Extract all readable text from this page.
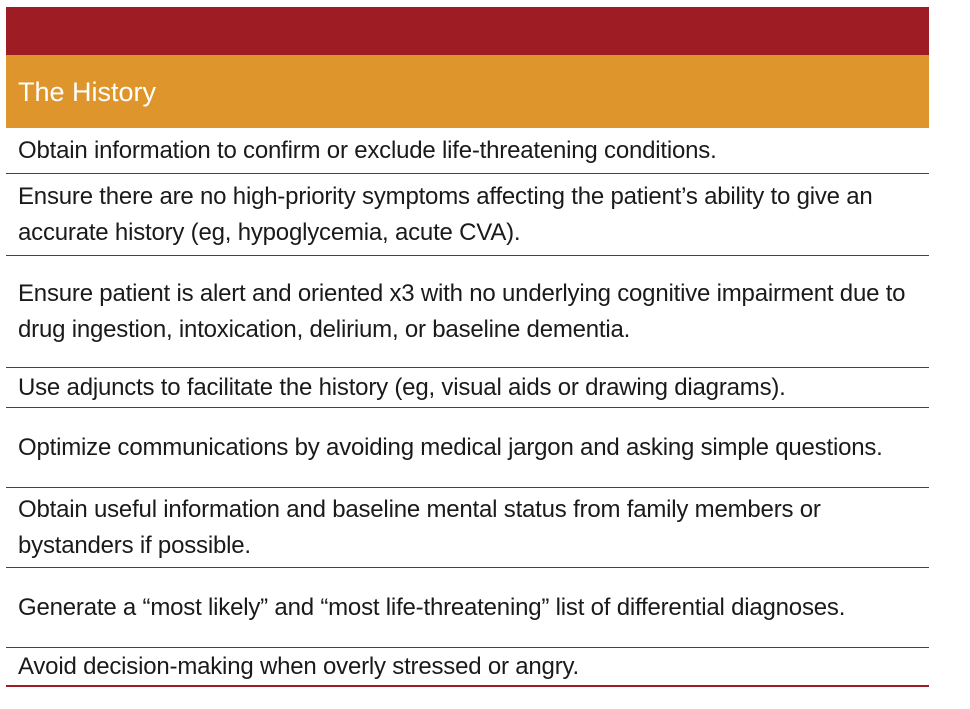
The History
Obtain information to confirm or exclude life-threatening conditions.
Ensure there are no high-priority symptoms affecting the patient’s ability to give an accurate history (eg, hypoglycemia, acute CVA).
Ensure patient is alert and oriented x3 with no underlying cognitive impairment due to drug ingestion, intoxication, delirium, or baseline dementia.
Use adjuncts to facilitate the history (eg, visual aids or drawing diagrams).
Optimize communications by avoiding medical jargon and asking simple questions.
Obtain useful information and baseline mental status from family members or bystanders if possible.
Generate a “most likely” and “most life-threatening” list of differential diagnoses.
Avoid decision-making when overly stressed or angry.
